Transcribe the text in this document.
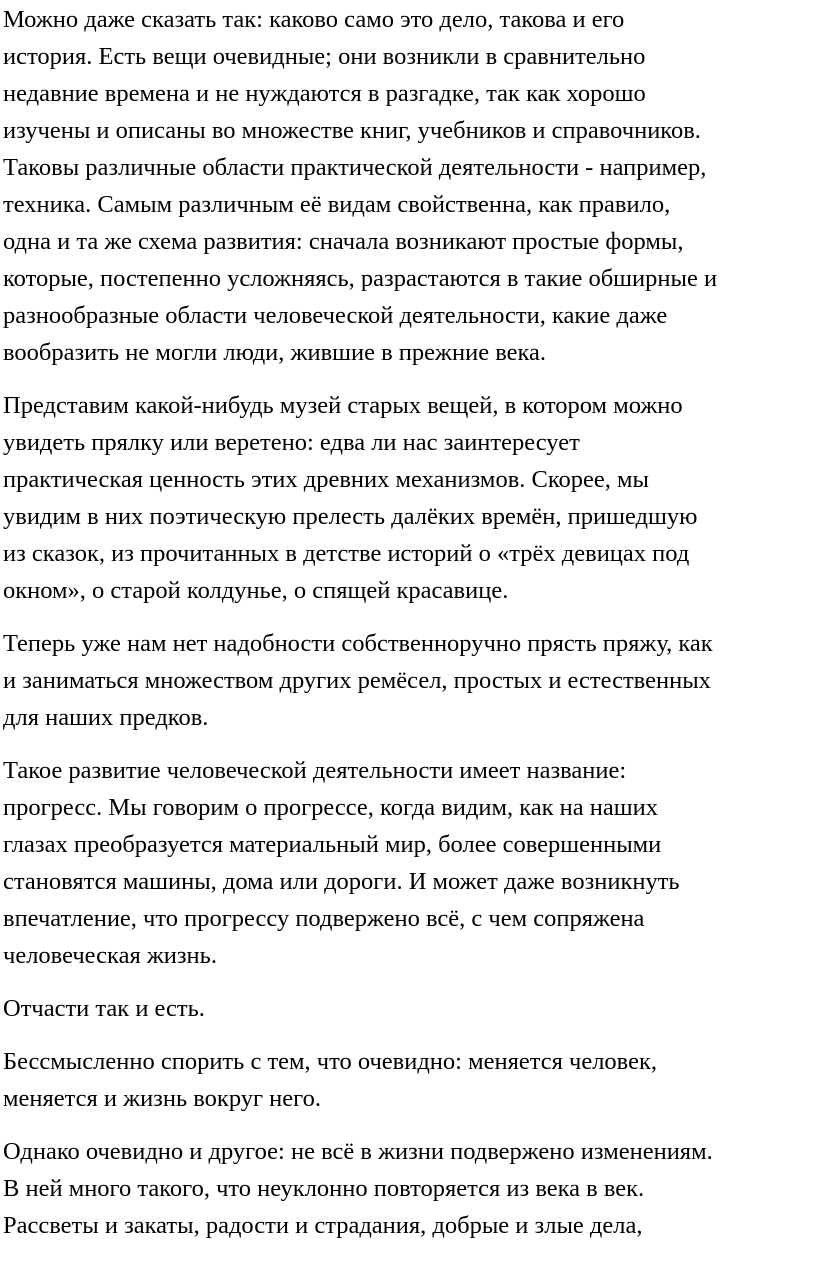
Можно даже сказать так: каково само это дело, такова и его
история. Есть вещи очевидные; они возникли в сравнительно
недавние времена и не нуждаются в разгадке, так как хорошо
изучены и описаны во множестве книг, учебников и справочников.
Таковы различные области практической деятельности - например,
техника. Самым различным её видам свойственна, как правило,
одна и та же схема развития: сначала возникают простые формы,
которые, постепенно усложняясь, разрастаются в такие обширные и
разнообразные области человеческой деятельности, какие даже
вообразить не могли люди, жившие в прежние века.

Представим какой-нибудь музей старых вещей, в котором можно
увидеть прялку или веретено: едва ли нас заинтересует
практическая ценность этих древних механизмов. Скорее, мы
увидим в них поэтическую прелесть далёких времён, пришедшую
из сказок, из прочитанных в детстве историй о «трёх девицах под
окном», о старой колдунье, о спящей красавице.

Теперь уже нам нет надобности собственноручно прясть пряжу, как
и заниматься множеством других ремёсел, простых и естественных
для наших предков.

Такое развитие человеческой деятельности имеет название:
прогресс. Мы говорим о прогрессе, когда видим, как на наших
глазах преобразуется материальный мир, более совершенными
становятся машины, дома или дороги. И может даже возникнуть
впечатление, что прогрессу подвержено всё, с чем сопряжена
человеческая жизнь.

Отчасти так и есть.

Бессмысленно спорить с тем, что очевидно: меняется человек,
меняется и жизнь вокруг него.

Однако очевидно и другое: не всё в жизни подвержено изменениям.
В ней много такого, что неуклонно повторяется из века в век.
Рассветы и закаты, радости и страдания, добрые и злые дела,
